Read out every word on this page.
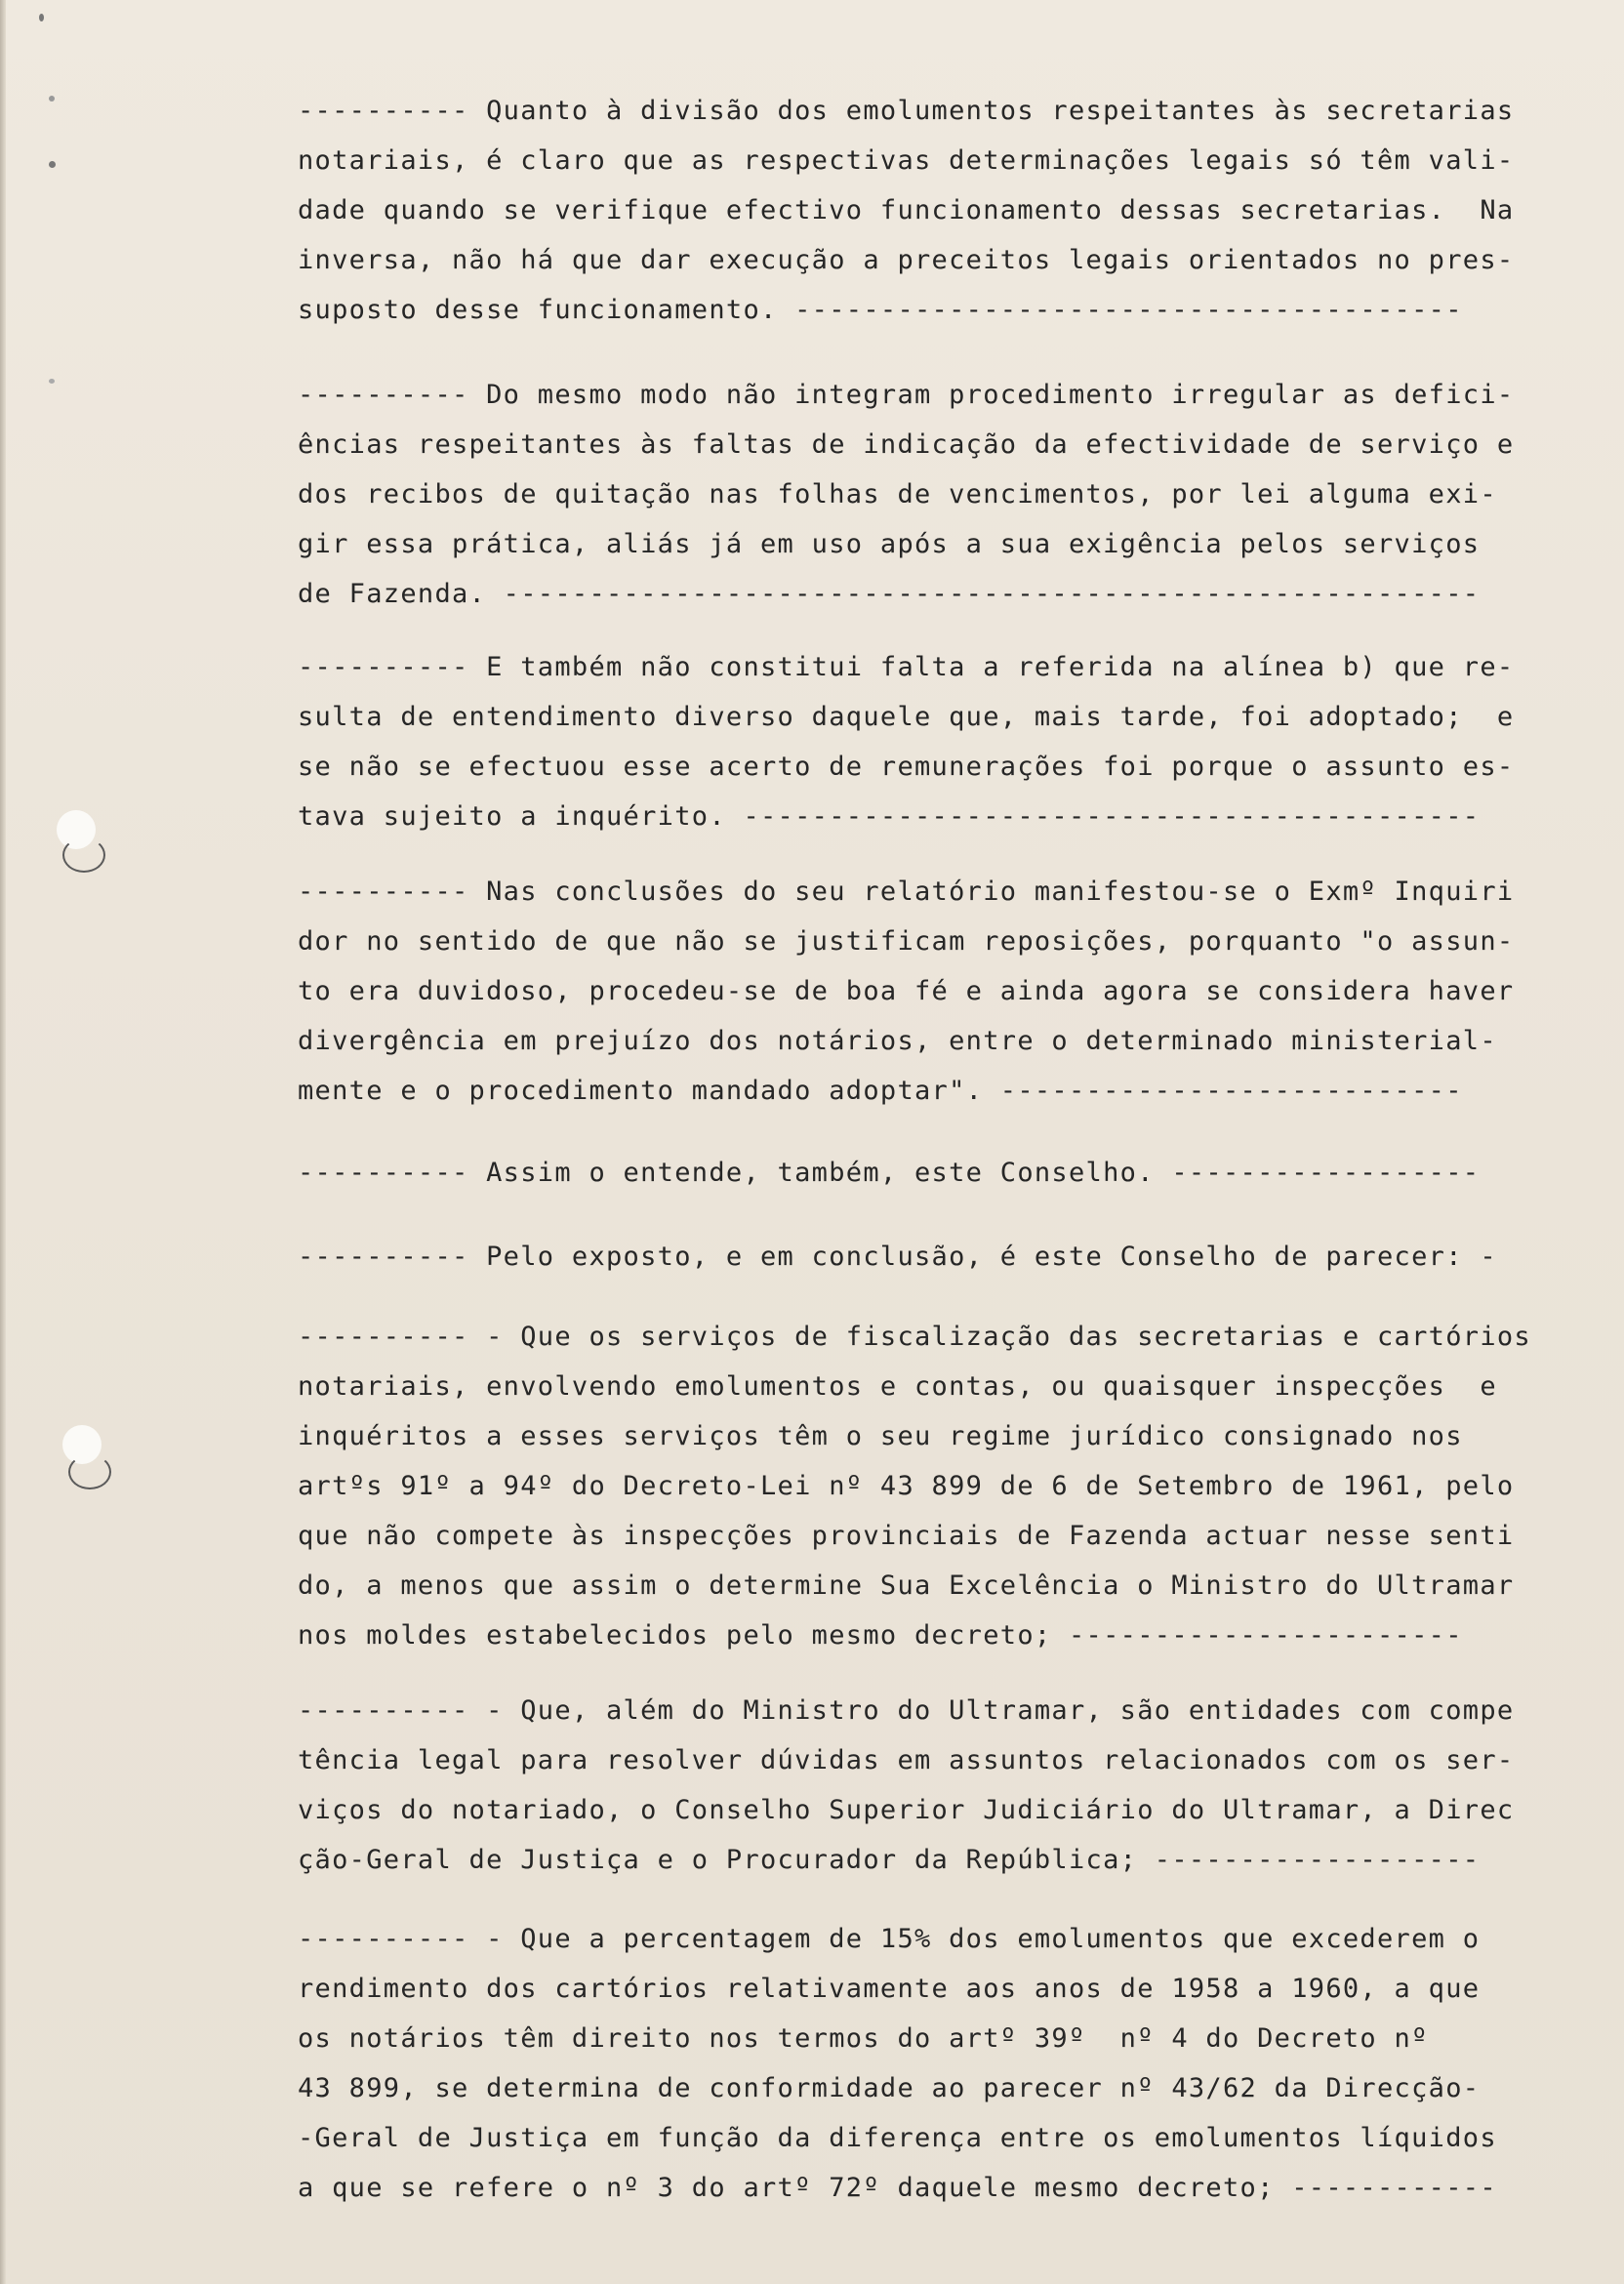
---------- Quanto à divisão dos emolumentos respeitantes às secretarias
notariais, é claro que as respectivas determinações legais só têm vali-
dade quando se verifique efectivo funcionamento dessas secretarias.  Na
inversa, não há que dar execução a preceitos legais orientados no pres-
suposto desse funcionamento. ---------------------------------------
---------- Do mesmo modo não integram procedimento irregular as defici-
ências respeitantes às faltas de indicação da efectividade de serviço e
dos recibos de quitação nas folhas de vencimentos, por lei alguma exi-
gir essa prática, aliás já em uso após a sua exigência pelos serviços
de Fazenda. ---------------------------------------------------------
---------- E também não constitui falta a referida na alínea b) que re-
sulta de entendimento diverso daquele que, mais tarde, foi adoptado;  e
se não se efectuou esse acerto de remunerações foi porque o assunto es-
tava sujeito a inquérito. -------------------------------------------
---------- Nas conclusões do seu relatório manifestou-se o Exmº Inquiri
dor no sentido de que não se justificam reposições, porquanto "o assun-
to era duvidoso, procedeu-se de boa fé e ainda agora se considera haver
divergência em prejuízo dos notários, entre o determinado ministerial-
mente e o procedimento mandado adoptar". ---------------------------
---------- Assim o entende, também, este Conselho. ------------------
---------- Pelo exposto, e em conclusão, é este Conselho de parecer: -
---------- - Que os serviços de fiscalização das secretarias e cartórios
notariais, envolvendo emolumentos e contas, ou quaisquer inspecções  e
inquéritos a esses serviços têm o seu regime jurídico consignado nos
artºs 91º a 94º do Decreto-Lei nº 43 899 de 6 de Setembro de 1961, pelo
que não compete às inspecções provinciais de Fazenda actuar nesse senti
do, a menos que assim o determine Sua Excelência o Ministro do Ultramar
nos moldes estabelecidos pelo mesmo decreto; -----------------------
---------- - Que, além do Ministro do Ultramar, são entidades com compe
tência legal para resolver dúvidas em assuntos relacionados com os ser-
viços do notariado, o Conselho Superior Judiciário do Ultramar, a Direc
ção-Geral de Justiça e o Procurador da República; -------------------
---------- - Que a percentagem de 15% dos emolumentos que excederem o
rendimento dos cartórios relativamente aos anos de 1958 a 1960, a que
os notários têm direito nos termos do artº 39º  nº 4 do Decreto nº
43 899, se determina de conformidade ao parecer nº 43/62 da Direcção-
-Geral de Justiça em função da diferença entre os emolumentos líquidos
a que se refere o nº 3 do artº 72º daquele mesmo decreto; ------------
